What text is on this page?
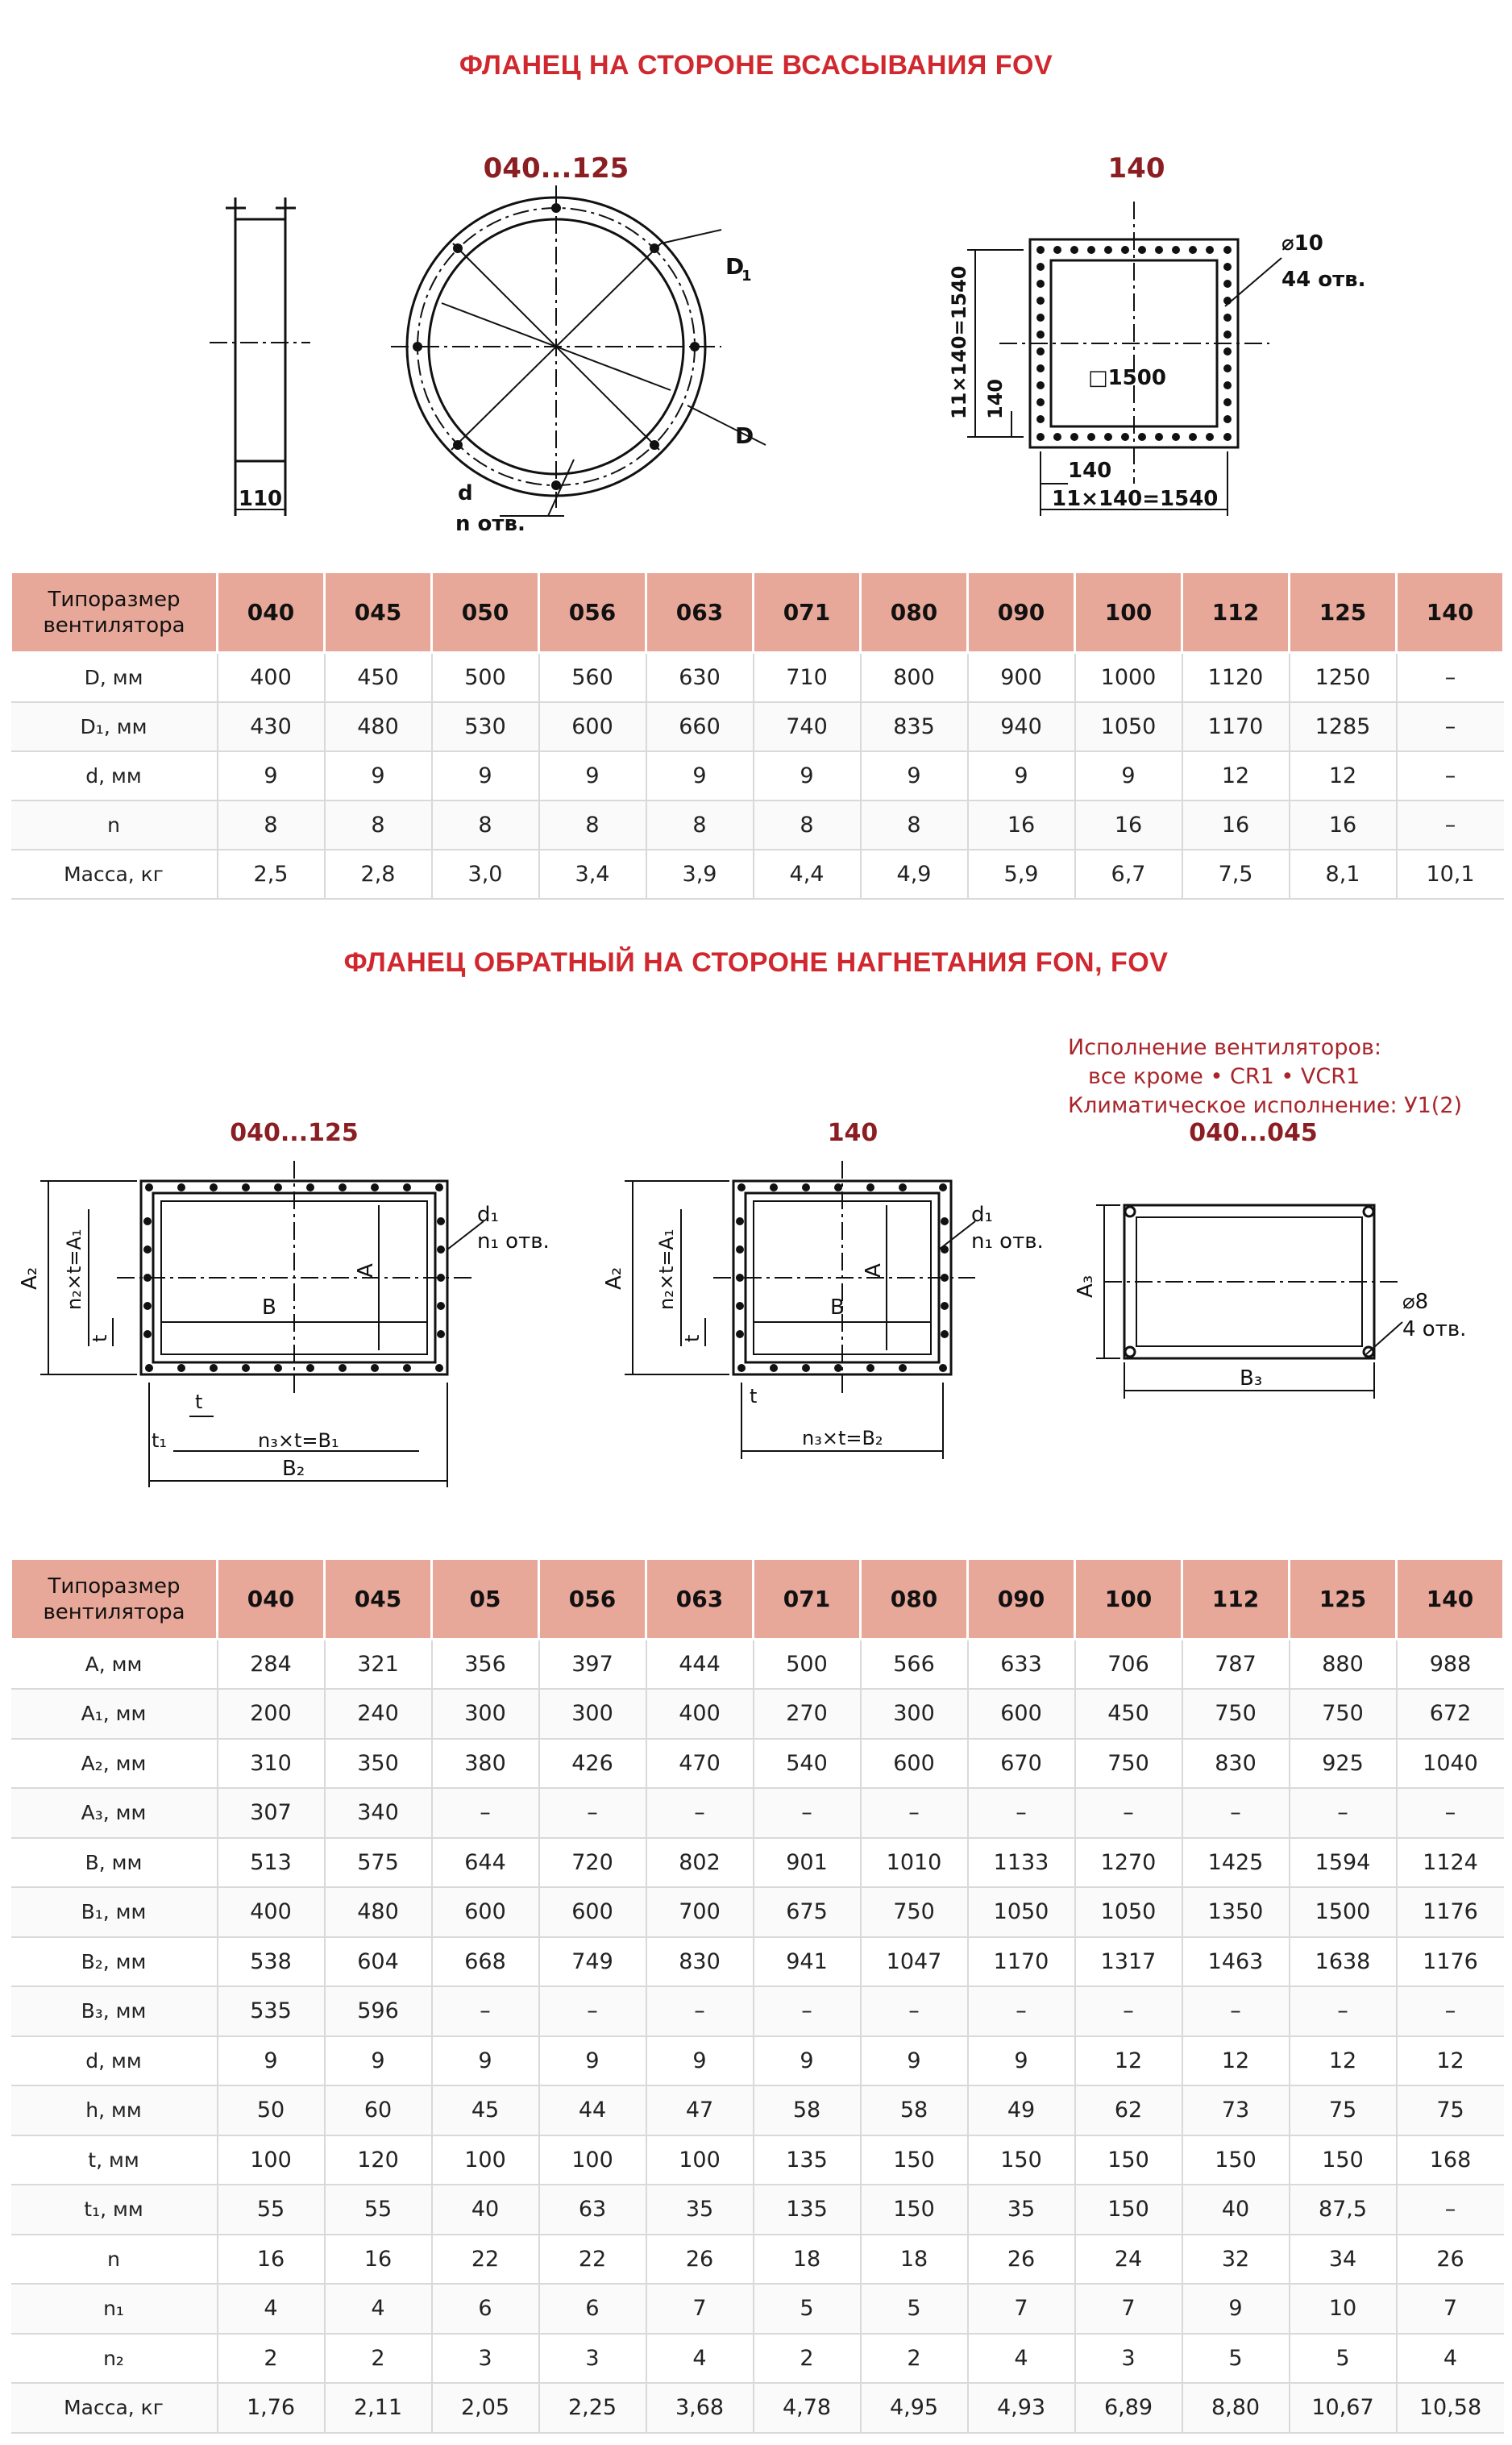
ФЛАНЕЦ НА СТОРОНЕ ВСАСЫВАНИЯ FOV
040...125	140
110
D
1
D
d
n отв.
⌀10
44 отв.
□1500
140
11×140=1540
140
11×140=1540
Типоразмер вентилятора	040	045	050	056	063	071	080	090	100	112	125	140
D, мм	400	450	500	560	630	710	800	900	1000	1120	1250	–
D₁, мм	430	480	530	600	660	740	835	940	1050	1170	1285	–
d, мм	9	9	9	9	9	9	9	9	9	12	12	–
n	8	8	8	8	8	8	8	16	16	16	16	–
Масса, кг	2,5	2,8	3,0	3,4	3,9	4,4	4,9	5,9	6,7	7,5	8,1	10,1
ФЛАНЕЦ ОБРАТНЫЙ НА СТОРОНЕ НАГНЕТАНИЯ FON, FOV
Исполнение вентиляторов:
все кроме • CR1 • VCR1
Климатическое исполнение: У1(2)
040...125	140	040...045
d₁
n₁ отв.
A
B
A₂ n₂×t=A₁
t
t
t₁	n₃×t=B₁
B₂
d₁
n₁ отв.
A
B
A₂ n₂×t=A₁
t
t
n₃×t=B₂
A₃
⌀8
4 отв.
B₃
Типоразмер вентилятора	040	045	05	056	063	071	080	090	100	112	125	140
А, мм	284	321	356	397	444	500	566	633	706	787	880	988
А₁, мм	200	240	300	300	400	270	300	600	450	750	750	672
А₂, мм	310	350	380	426	470	540	600	670	750	830	925	1040
А₃, мм	307	340	–	–	–	–	–	–	–	–	–	–
В, мм	513	575	644	720	802	901	1010	1133	1270	1425	1594	1124
В₁, мм	400	480	600	600	700	675	750	1050	1050	1350	1500	1176
В₂, мм	538	604	668	749	830	941	1047	1170	1317	1463	1638	1176
В₃, мм	535	596	–	–	–	–	–	–	–	–	–	–
d, мм	9	9	9	9	9	9	9	9	12	12	12	12
h, мм	50	60	45	44	47	58	58	49	62	73	75	75
t, мм	100	120	100	100	100	135	150	150	150	150	150	168
t₁, мм	55	55	40	63	35	135	150	35	150	40	87,5	–
n	16	16	22	22	26	18	18	26	24	32	34	26
n₁	4	4	6	6	7	5	5	7	7	9	10	7
n₂	2	2	3	3	4	2	2	4	3	5	5	4
Масса, кг	1,76	2,11	2,05	2,25	3,68	4,78	4,95	4,93	6,89	8,80	10,67	10,58
